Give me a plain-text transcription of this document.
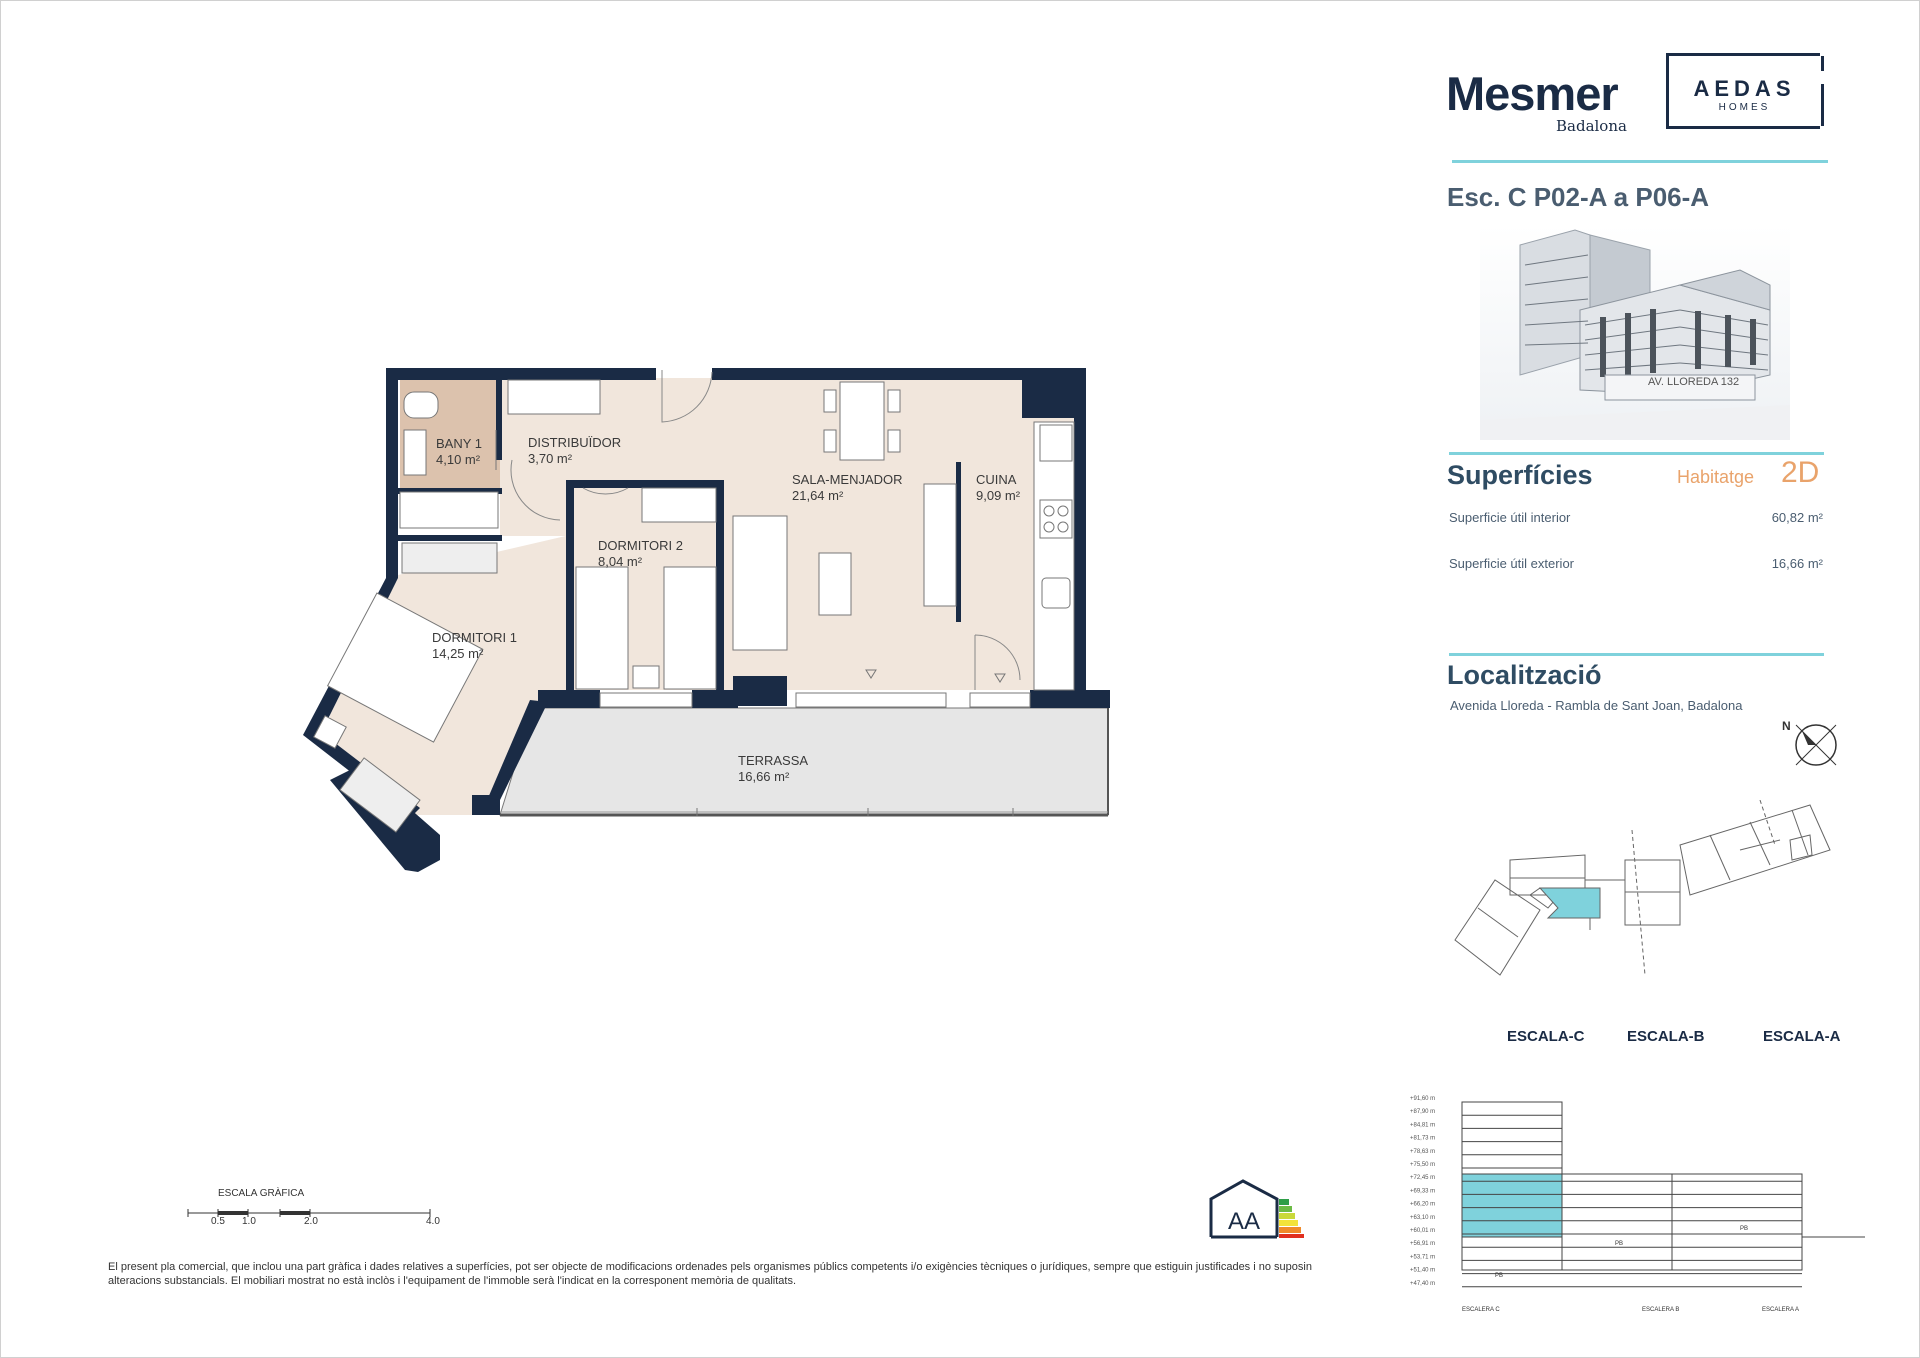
BANY 1
4,10 m²
DISTRIBUÏDOR
3,70 m²
SALA-MENJADOR
21,64 m²
CUINA
9,09 m²
DORMITORI 2
8,04 m²
DORMITORI 1
14,25 m²
TERRASSA
16,66 m²
ESCALA GRÀFICA
0.5 1.0	2.0	4.0	AA
El present pla comercial, que inclou una part gràfica i dades relatives a superfícies, pot ser objecte de modificacions ordenades pels organismes públics competents i/o exigències tècniques o jurídiques, sempre que estiguin justificades i no suposin alteracions substancials. El mobiliari mostrat no està inclòs i l'equipament de l'immoble serà l'indicat en la corresponent memòria de qualitats.
Mesmer
Badalona
AEDAS
HOMES
Esc. C P02-A a P06-A
AV. LLOREDA 132
Superfícies	Habitatge 2D
Superficie útil interior	60,82 m²
Superficie útil exterior	16,66 m²
Localització
Avenida Lloreda - Rambla de Sant Joan, Badalona
N
ESCALA-C	ESCALA-B	ESCALA-A
+91,60 m
+87,90 m
+84,81 m
+81,73 m
+78,63 m
+75,50 m
+72,45 m
+69,33 m
+66,20 m
+63,10 m
+60,01 m
+56,91 m
+53,71 m
+51,40 m
+47,40 m
PB
PB
PB
ESCALERA C	ESCALERA B	ESCALERA A
